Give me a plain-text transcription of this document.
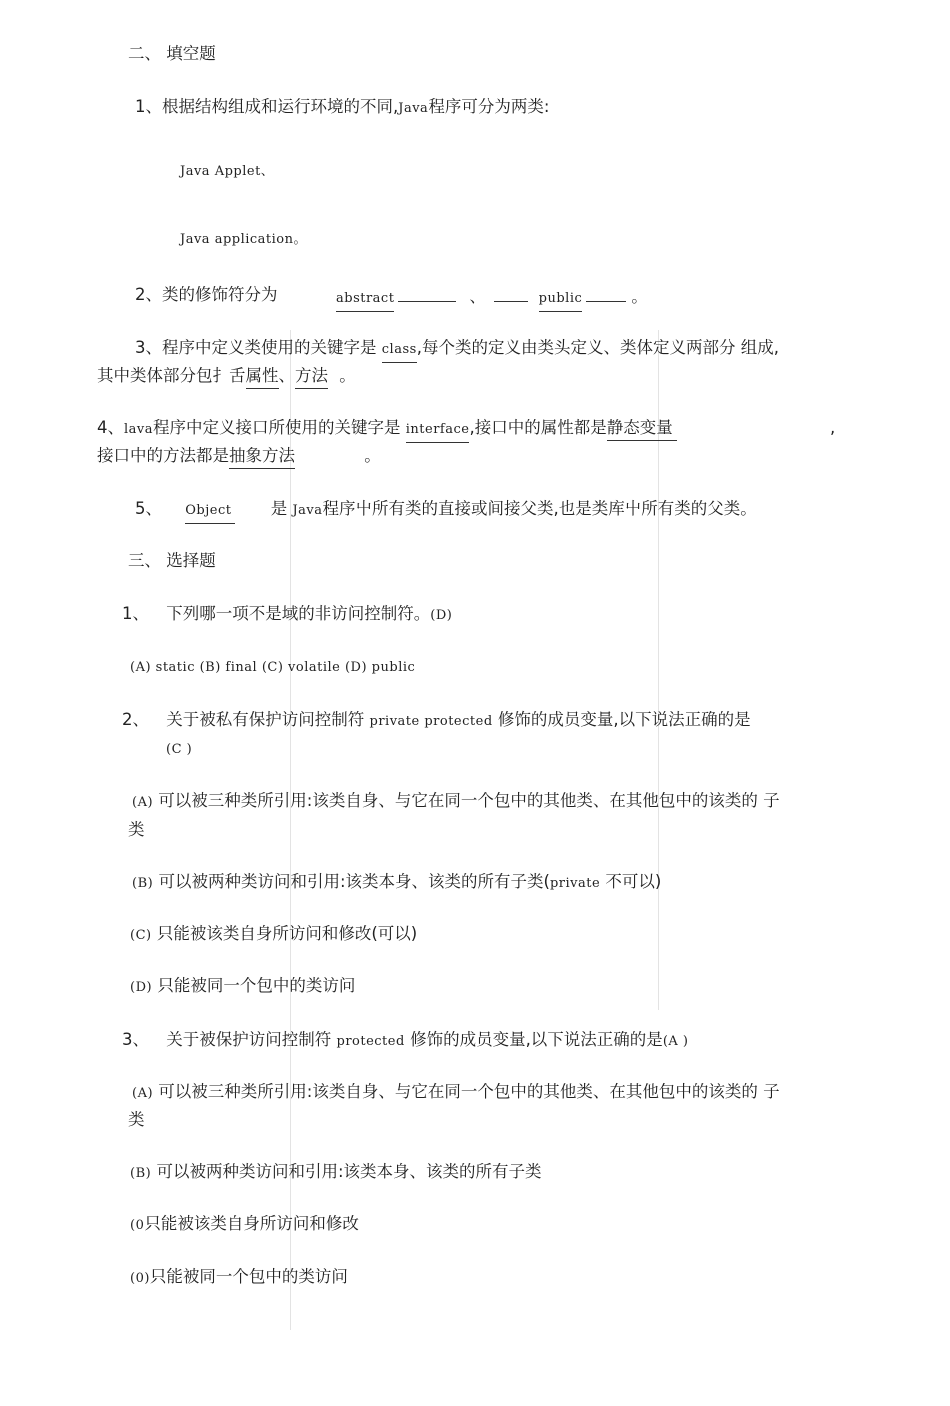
二、 填空题
1、根据结构组成和运行环境的不同,Java程序可分为两类:
Java Applet、
Java application。
2、类的修饰符分为	abstract	、	public	。
3、程序中定义类使用的关键字是 class,每个类的定义由类头定义、类体定义两部分 组成,
其中类体部分包扌舌属性、方法 。
4、lava程序中定义接口所使用的关键字是 interface,接口中的属性都是静态变量	,
接口中的方法都是抽象方法	。
5、 Object 是 Java程序屮所有类的直接或间接父类,也是类库屮所有类的父类。
三、 选择题
1、 下列哪一项不是域的非访问控制符。(D)
(A) static (B) final (C) volatile (D) public
2、 关于被私有保护访问控制符 private protected 修饰的成员变量,以下说法正确的是
(C )
(A) 可以被三种类所引用:该类自身、与它在同一个包中的其他类、在其他包中的该类的 子
类
(B) 可以被两种类访问和引用:该类本身、该类的所有子类(private 不可以)
(C) 只能被该类自身所访问和修改(可以)
(D) 只能被同一个包中的类访问
3、 关于被保护访问控制符 protected 修饰的成员变量,以下说法正确的是(A )
(A) 可以被三种类所引用:该类自身、与它在同一个包中的其他类、在其他包中的该类的 子
类
(B) 可以被两种类访问和引用:该类本身、该类的所有子类
(0只能被该类自身所访问和修改
(0)只能被同一个包中的类访问
